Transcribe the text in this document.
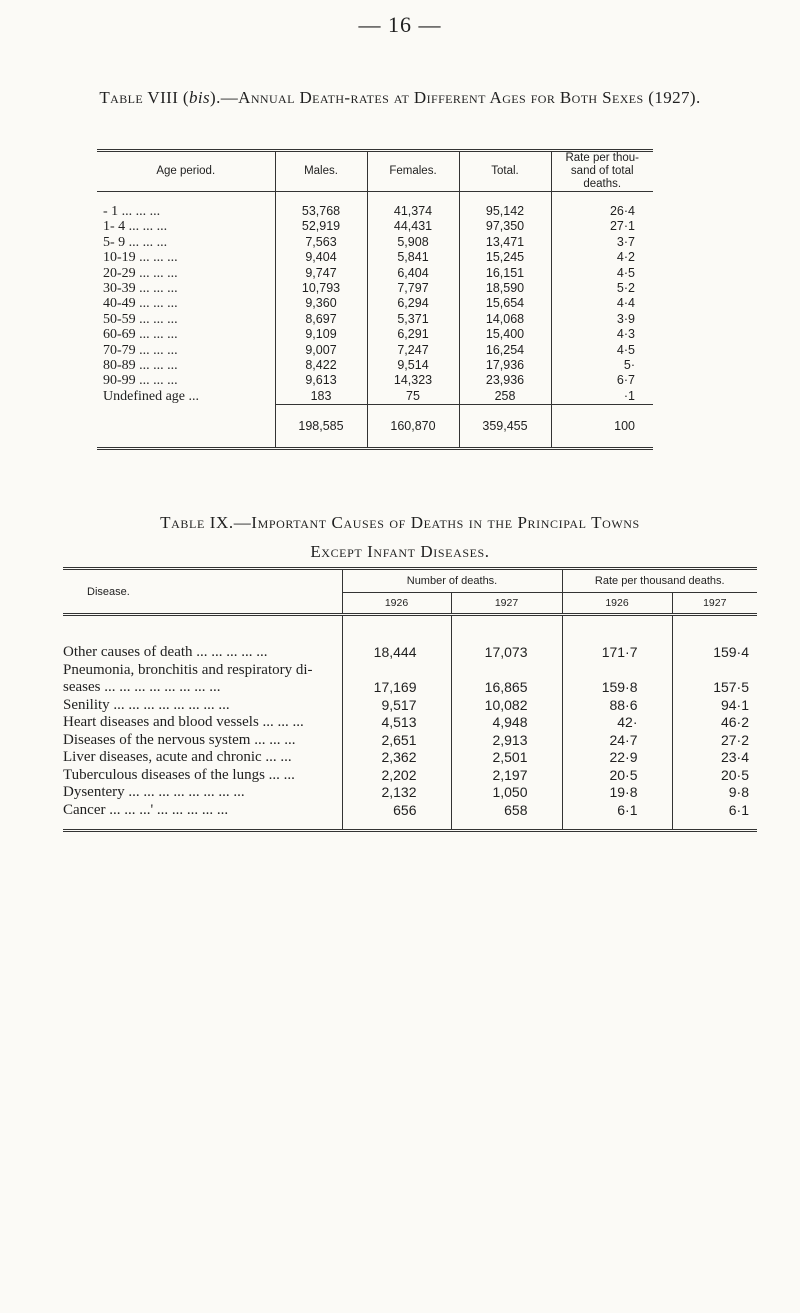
— 16 —
Table VIII (bis).—Annual Death-rates at Different Ages for Both Sexes (1927).
Age period.	Males.	Females.	Total.	Rate per thou- sand of total deaths.
- 1 ... ... ...	53,768	41,374	95,142	26·4
1- 4 ... ... ...	52,919	44,431	97,350	27·1
5- 9 ... ... ...	7,563	5,908	13,471	3·7
10-19 ... ... ...	9,404	5,841	15,245	4·2
20-29 ... ... ...	9,747	6,404	16,151	4·5
30-39 ... ... ...	10,793	7,797	18,590	5·2
40-49 ... ... ...	9,360	6,294	15,654	4·4
50-59 ... ... ...	8,697	5,371	14,068	3·9
60-69 ... ... ...	9,109	6,291	15,400	4·3
70-79 ... ... ...	9,007	7,247	16,254	4·5
80-89 ... ... ...	8,422	9,514	17,936	5·
90-99 ... ... ...	9,613	14,323	23,936	6·7
Undefined age ...	183	75	258	·1
	198,585	160,870	359,455	100
Table IX.—Important Causes of Deaths in the Principal Towns
Except Infant Diseases.
Disease.	Number of deaths.		Rate per thousand deaths.	
	1926	1927	1926	1927
Other causes of death ... ... ... ... ...	18,444	17,073	171·7	159·4
Pneumonia, bronchitis and respiratory di-				
seases ... ... ... ... ... ... ... ...	17,169	16,865	159·8	157·5
Senility ... ... ... ... ... ... ... ...	9,517	10,082	88·6	94·1
Heart diseases and blood vessels ... ... ...	4,513	4,948	42·	46·2
Diseases of the nervous system ... ... ...	2,651	2,913	24·7	27·2
Liver diseases, acute and chronic ... ...	2,362	2,501	22·9	23·4
Tuberculous diseases of the lungs ... ...	2,202	2,197	20·5	20·5
Dysentery ... ... ... ... ... ... ... ...	2,132	1,050	19·8	9·8
Cancer ... ... ...' ... ... ... ... ...	656	658	6·1	6·1
